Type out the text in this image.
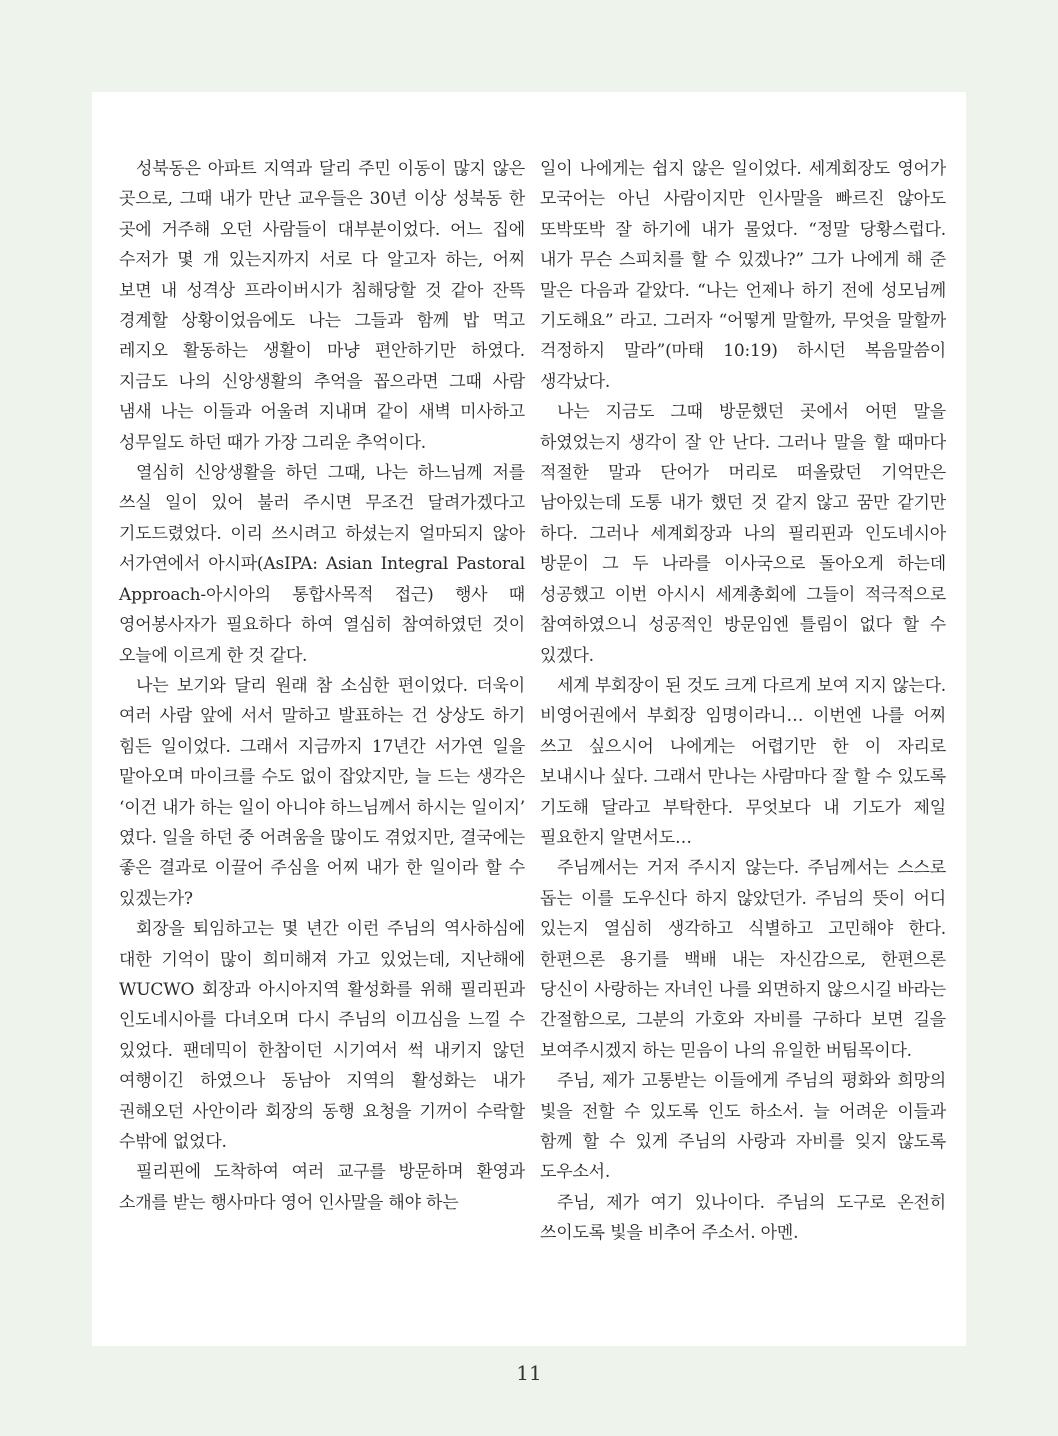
성북동은 아파트 지역과 달리 주민 이동이 많지 않은 곳으로, 그때 내가 만난 교우들은 30년 이상 성북동 한 곳에 거주해 오던 사람들이 대부분이었다. 어느 집에 수저가 몇 개 있는지까지 서로 다 알고자 하는, 어찌 보면 내 성격상 프라이버시가 침해당할 것 같아 잔뜩 경계할 상황이었음에도 나는 그들과 함께 밥 먹고 레지오 활동하는 생활이 마냥 편안하기만 하였다. 지금도 나의 신앙생활의 추억을 꼽으라면 그때 사람 냄새 나는 이들과 어울려 지내며 같이 새벽 미사하고 성무일도 하던 때가 가장 그리운 추억이다.

열심히 신앙생활을 하던 그때, 나는 하느님께 저를 쓰실 일이 있어 불러 주시면 무조건 달려가겠다고 기도드렸었다. 이리 쓰시려고 하셨는지 얼마되지 않아 서가연에서 아시파(AsIPA: Asian Integral Pastoral Approach-아시아의 통합사목적 접근) 행사 때 영어봉사자가 필요하다 하여 열심히 참여하였던 것이 오늘에 이르게 한 것 같다.

나는 보기와 달리 원래 참 소심한 편이었다. 더욱이 여러 사람 앞에 서서 말하고 발표하는 건 상상도 하기 힘든 일이었다. 그래서 지금까지 17년간 서가연 일을 맡아오며 마이크를 수도 없이 잡았지만, 늘 드는 생각은 ‘이건 내가 하는 일이 아니야 하느님께서 하시는 일이지’ 였다. 일을 하던 중 어려움을 많이도 겪었지만, 결국에는 좋은 결과로 이끌어 주심을 어찌 내가 한 일이라 할 수 있겠는가?

회장을 퇴임하고는 몇 년간 이런 주님의 역사하심에 대한 기억이 많이 희미해져 가고 있었는데, 지난해에 WUCWO 회장과 아시아지역 활성화를 위해 필리핀과 인도네시아를 다녀오며 다시 주님의 이끄심을 느낄 수 있었다. 팬데믹이 한참이던 시기여서 썩 내키지 않던 여행이긴 하였으나 동남아 지역의 활성화는 내가 권해오던 사안이라 회장의 동행 요청을 기꺼이 수락할 수밖에 없었다.

필리핀에 도착하여 여러 교구를 방문하며 환영과 소개를 받는 행사마다 영어 인사말을 해야 하는

일이 나에게는 쉽지 않은 일이었다. 세계회장도 영어가 모국어는 아닌 사람이지만 인사말을 빠르진 않아도 또박또박 잘 하기에 내가 물었다. “정말 당황스럽다. 내가 무슨 스피치를 할 수 있겠나?” 그가 나에게 해 준 말은 다음과 같았다. “나는 언제나 하기 전에 성모님께 기도해요” 라고. 그러자 “어떻게 말할까, 무엇을 말할까 걱정하지 말라”(마태 10:19) 하시던 복음말씀이 생각났다.

나는 지금도 그때 방문했던 곳에서 어떤 말을 하였었는지 생각이 잘 안 난다. 그러나 말을 할 때마다 적절한 말과 단어가 머리로 떠올랐던 기억만은 남아있는데 도통 내가 했던 것 같지 않고 꿈만 같기만 하다. 그러나 세계회장과 나의 필리핀과 인도네시아 방문이 그 두 나라를 이사국으로 돌아오게 하는데 성공했고 이번 아시시 세계총회에 그들이 적극적으로 참여하였으니 성공적인 방문임엔 틀림이 없다 할 수 있겠다.

세계 부회장이 된 것도 크게 다르게 보여 지지 않는다. 비영어권에서 부회장 임명이라니… 이번엔 나를 어찌 쓰고 싶으시어 나에게는 어렵기만 한 이 자리로 보내시나 싶다. 그래서 만나는 사람마다 잘 할 수 있도록 기도해 달라고 부탁한다. 무엇보다 내 기도가 제일 필요한지 알면서도…

주님께서는 거저 주시지 않는다. 주님께서는 스스로 돕는 이를 도우신다 하지 않았던가. 주님의 뜻이 어디 있는지 열심히 생각하고 식별하고 고민해야 한다. 한편으론 용기를 백배 내는 자신감으로, 한편으론 당신이 사랑하는 자녀인 나를 외면하지 않으시길 바라는 간절함으로, 그분의 가호와 자비를 구하다 보면 길을 보여주시겠지 하는 믿음이 나의 유일한 버팀목이다.

주님, 제가 고통받는 이들에게 주님의 평화와 희망의 빛을 전할 수 있도록 인도 하소서. 늘 어려운 이들과 함께 할 수 있게 주님의 사랑과 자비를 잊지 않도록 도우소서.

주님, 제가 여기 있나이다. 주님의 도구로 온전히 쓰이도록 빛을 비추어 주소서. 아멘.

11
